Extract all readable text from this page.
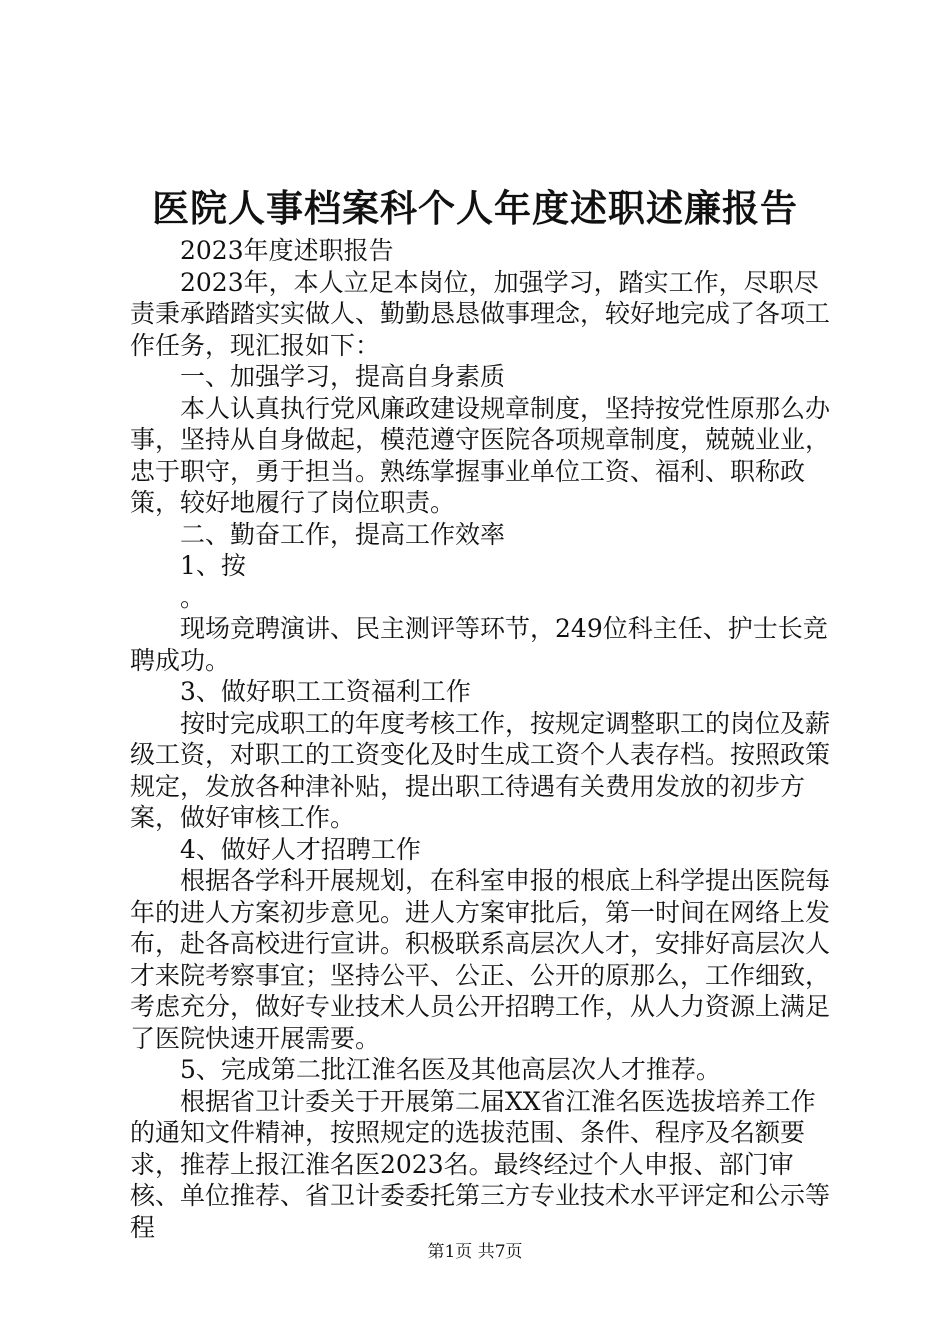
医院人事档案科个人年度述职述廉报告

2023年度述职报告

2023年，本人立足本岗位，加强学习，踏实工作，尽职尽责秉承踏踏实实做人、勤勤恳恳做事理念，较好地完成了各项工作任务，现汇报如下：

一、加强学习，提高自身素质

本人认真执行党风廉政建设规章制度，坚持按党性原那么办事，坚持从自身做起，模范遵守医院各项规章制度，兢兢业业，忠于职守，勇于担当。熟练掌握事业单位工资、福利、职称政策，较好地履行了岗位职责。

二、勤奋工作，提高工作效率

1、按

。

现场竞聘演讲、民主测评等环节，249位科主任、护士长竞聘成功。

3、做好职工工资福利工作

按时完成职工的年度考核工作，按规定调整职工的岗位及薪级工资，对职工的工资变化及时生成工资个人表存档。按照政策规定，发放各种津补贴，提出职工待遇有关费用发放的初步方案，做好审核工作。

4、做好人才招聘工作

根据各学科开展规划，在科室申报的根底上科学提出医院每年的进人方案初步意见。进人方案审批后，第一时间在网络上发布，赴各高校进行宣讲。积极联系高层次人才，安排好高层次人才来院考察事宜；坚持公平、公正、公开的原那么，工作细致，考虑充分，做好专业技术人员公开招聘工作，从人力资源上满足了医院快速开展需要。

5、完成第二批江淮名医及其他高层次人才推荐。

根据省卫计委关于开展第二届XX省江淮名医选拔培养工作的通知文件精神，按照规定的选拔范围、条件、程序及名额要求，推荐上报江淮名医2023名。最终经过个人申报、部门审核、单位推荐、省卫计委委托第三方专业技术水平评定和公示等程

第1页 共7页
